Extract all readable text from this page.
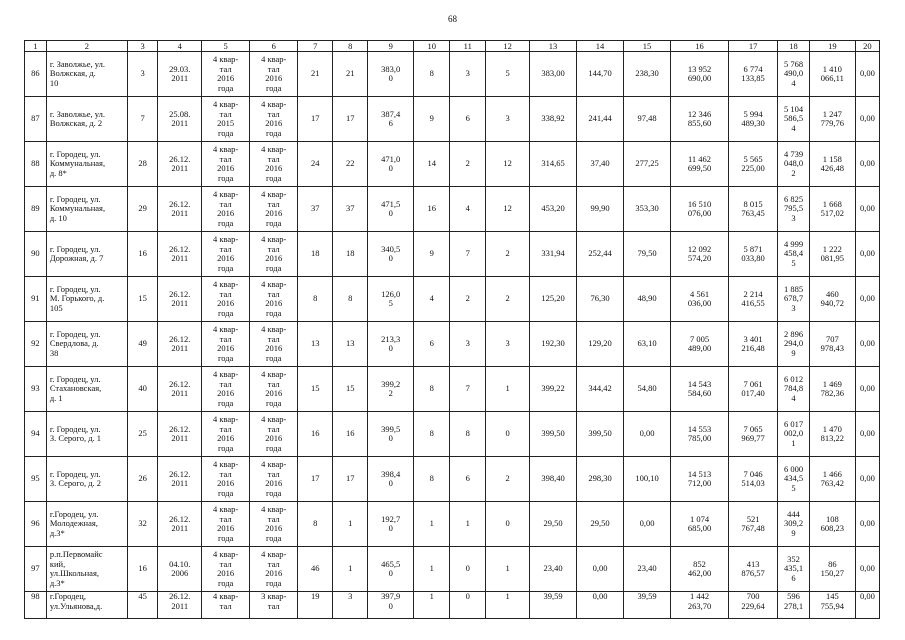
68
1	2	3	4	5	6	7	8	9	10	11	12	13	14	15	16	17	18	19	20
86	г. Заволжье, ул.
Волжская, д.
10	3	29.03.
2011	4 квар-
тал
2016
года	4 квар-
тал
2016
года	21	21	383,0
0	8	3	5	383,00	144,70	238,30	13 952
690,00	6 774
133,85	5 768
490,0
4	1 410
066,11	0,00
87	г. Заволжье, ул.
Волжская, д. 2	7	25.08.
2011	4 квар-
тал
2015
года	4 квар-
тал
2016
года	17	17	387,4
6	9	6	3	338,92	241,44	97,48	12 346
855,60	5 994
489,30	5 104
586,5
4	1 247
779,76	0,00
88	г. Городец, ул.
Коммунальная,
д. 8*	28	26.12.
2011	4 квар-
тал
2016
года	4 квар-
тал
2016
года	24	22	471,0
0	14	2	12	314,65	37,40	277,25	11 462
699,50	5 565
225,00	4 739
048,0
2	1 158
426,48	0,00
89	г. Городец, ул.
Коммунальная,
д. 10	29	26.12.
2011	4 квар-
тал
2016
года	4 квар-
тал
2016
года	37	37	471,5
0	16	4	12	453,20	99,90	353,30	16 510
076,00	8 015
763,45	6 825
795,5
3	1 668
517,02	0,00
90	г. Городец, ул.
Дорожная, д. 7	16	26.12.
2011	4 квар-
тал
2016
года	4 квар-
тал
2016
года	18	18	340,5
0	9	7	2	331,94	252,44	79,50	12 092
574,20	5 871
033,80	4 999
458,4
5	1 222
081,95	0,00
91	г. Городец, ул.
М. Горького, д.
105	15	26.12.
2011	4 квар-
тал
2016
года	4 квар-
тал
2016
года	8	8	126,0
5	4	2	2	125,20	76,30	48,90	4 561
036,00	2 214
416,55	1 885
678,7
3	460
940,72	0,00
92	г. Городец, ул.
Свердлова, д.
38	49	26.12.
2011	4 квар-
тал
2016
года	4 квар-
тал
2016
года	13	13	213,3
0	6	3	3	192,30	129,20	63,10	7 005
489,00	3 401
216,48	2 896
294,0
9	707
978,43	0,00
93	г. Городец, ул.
Стахановская,
д. 1	40	26.12.
2011	4 квар-
тал
2016
года	4 квар-
тал
2016
года	15	15	399,2
2	8	7	1	399,22	344,42	54,80	14 543
584,60	7 061
017,40	6 012
784,8
4	1 469
782,36	0,00
94	г. Городец, ул.
З. Серого, д. 1	25	26.12.
2011	4 квар-
тал
2016
года	4 квар-
тал
2016
года	16	16	399,5
0	8	8	0	399,50	399,50	0,00	14 553
785,00	7 065
969,77	6 017
002,0
1	1 470
813,22	0,00
95	г. Городец, ул.
З. Серого, д. 2	26	26.12.
2011	4 квар-
тал
2016
года	4 квар-
тал
2016
года	17	17	398,4
0	8	6	2	398,40	298,30	100,10	14 513
712,00	7 046
514,03	6 000
434,5
5	1 466
763,42	0,00
96	г.Городец, ул.
Молодежная,
д.3*	32	26.12.
2011	4 квар-
тал
2016
года	4 квар-
тал
2016
года	8	1	192,7
0	1	1	0	29,50	29,50	0,00	1 074
685,00	521
767,48	444
309,2
9	108
608,23	0,00
97	р.п.Первомайс
кий,
ул.Школьная,
д.3*	16	04.10.
2006	4 квар-
тал
2016
года	4 квар-
тал
2016
года	46	1	465,5
0	1	0	1	23,40	0,00	23,40	852
462,00	413
876,57	352
435,1
6	86
150,27	0,00
98	г.Городец,
ул.Ульянова,д.	45	26.12.
2011	4 квар-
тал	3 квар-
тал	19	3	397,9
0	1	0	1	39,59	0,00	39,59	1 442
263,70	700
229,64	596
278,1	145
755,94	0,00
